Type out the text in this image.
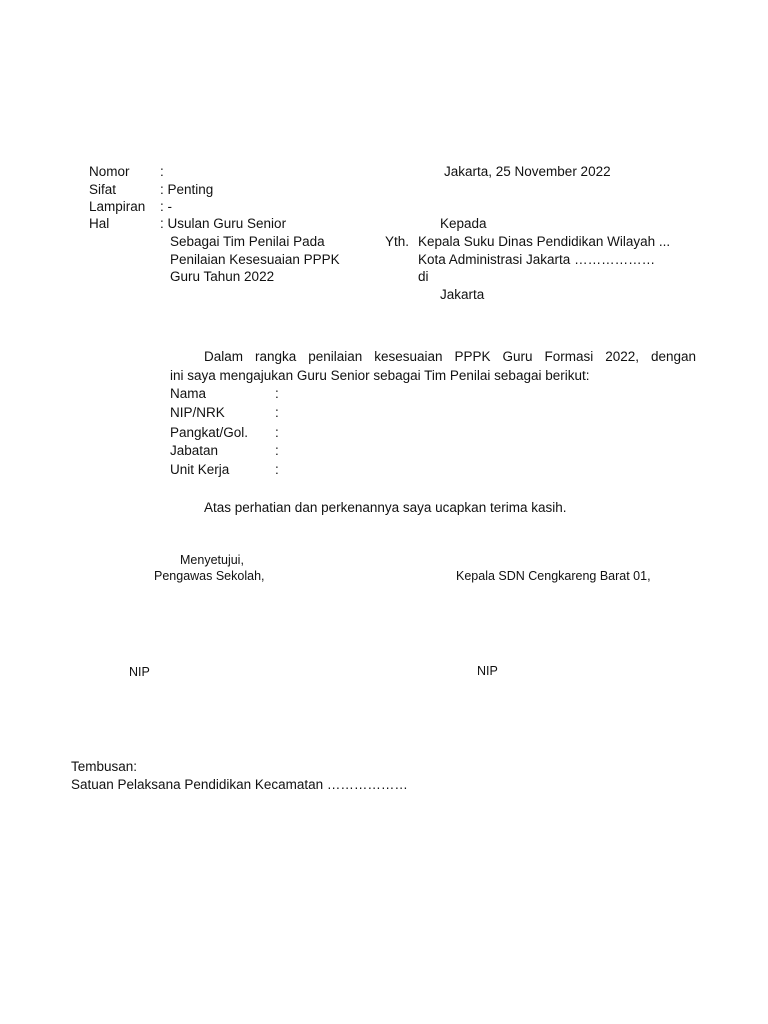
Nomor :
Sifat	: Penting
Lampiran : -
Hal	: Usulan Guru Senior
Sebagai Tim Penilai Pada
Penilaian Kesesuaian PPPK
Guru Tahun 2022
Jakarta, 25 November 2022
Kepada
Yth. Kepala Suku Dinas Pendidikan Wilayah ...
Kota Administrasi Jakarta ………………
di
Jakarta
Dalam rangka penilaian kesesuaian PPPK Guru Formasi 2022, dengan
ini saya mengajukan Guru Senior sebagai Tim Penilai sebagai berikut:
Nama	:
NIP/NRK	:
Pangkat/Gol. :
Jabatan	:
Unit Kerja	:
Atas perhatian dan perkenannya saya ucapkan terima kasih.
Menyetujui,
Pengawas Sekolah,	Kepala SDN Cengkareng Barat 01,
NIP	NIP
Tembusan:
Satuan Pelaksana Pendidikan Kecamatan ………………
